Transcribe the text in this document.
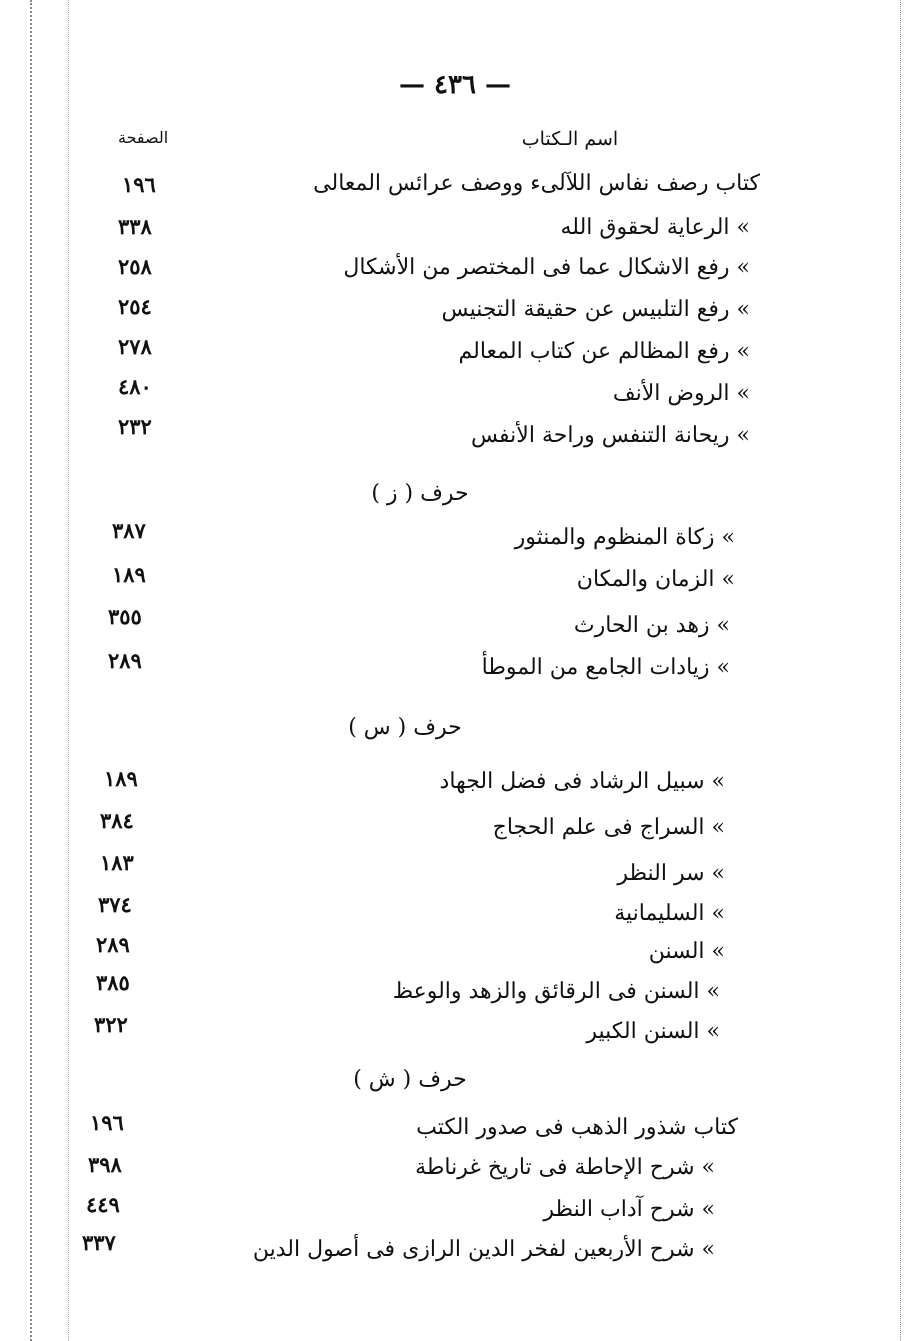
— ٤٣٦ —
الصفحة	اسم الـكتاب
١٩٦	كتاب رصف نفاس اللآلىء ووصف عرائس المعالى
٣٣٨	» الرعاية لحقوق الله
٢٥٨	» رفع الاشكال عما فى المختصر من الأشكال
٢٥٤	» رفع التلبيس عن حقيقة التجنيس
٢٧٨	» رفع المظالم عن كتاب المعالم
٤٨٠	» الروض الأنف
٢٣٢	» ريحانة التنفس وراحة الأنفس
حرف ( ز )
٣٨٧	» زكاة المنظوم والمنثور
١٨٩	» الزمان والمكان
٣٥٥	» زهد بن الحارث
٢٨٩	» زيادات الجامع من الموطأ
حرف ( س )
١٨٩	» سبيل الرشاد فى فضل الجهاد
٣٨٤	» السراج فى علم الحجاج
١٨٣	» سر النظر
٣٧٤	» السليمانية
٢٨٩	» السنن
٣٨٥	» السنن فى الرقائق والزهد والوعظ
٣٢٢	» السنن الكبير
حرف ( ش )
١٩٦	كتاب شذور الذهب فى صدور الكتب
٣٩٨	» شرح الإحاطة فى تاريخ غرناطة
٤٤٩	» شرح آداب النظر
٣٣٧	» شرح الأربعين لفخر الدين الرازى فى أصول الدين
